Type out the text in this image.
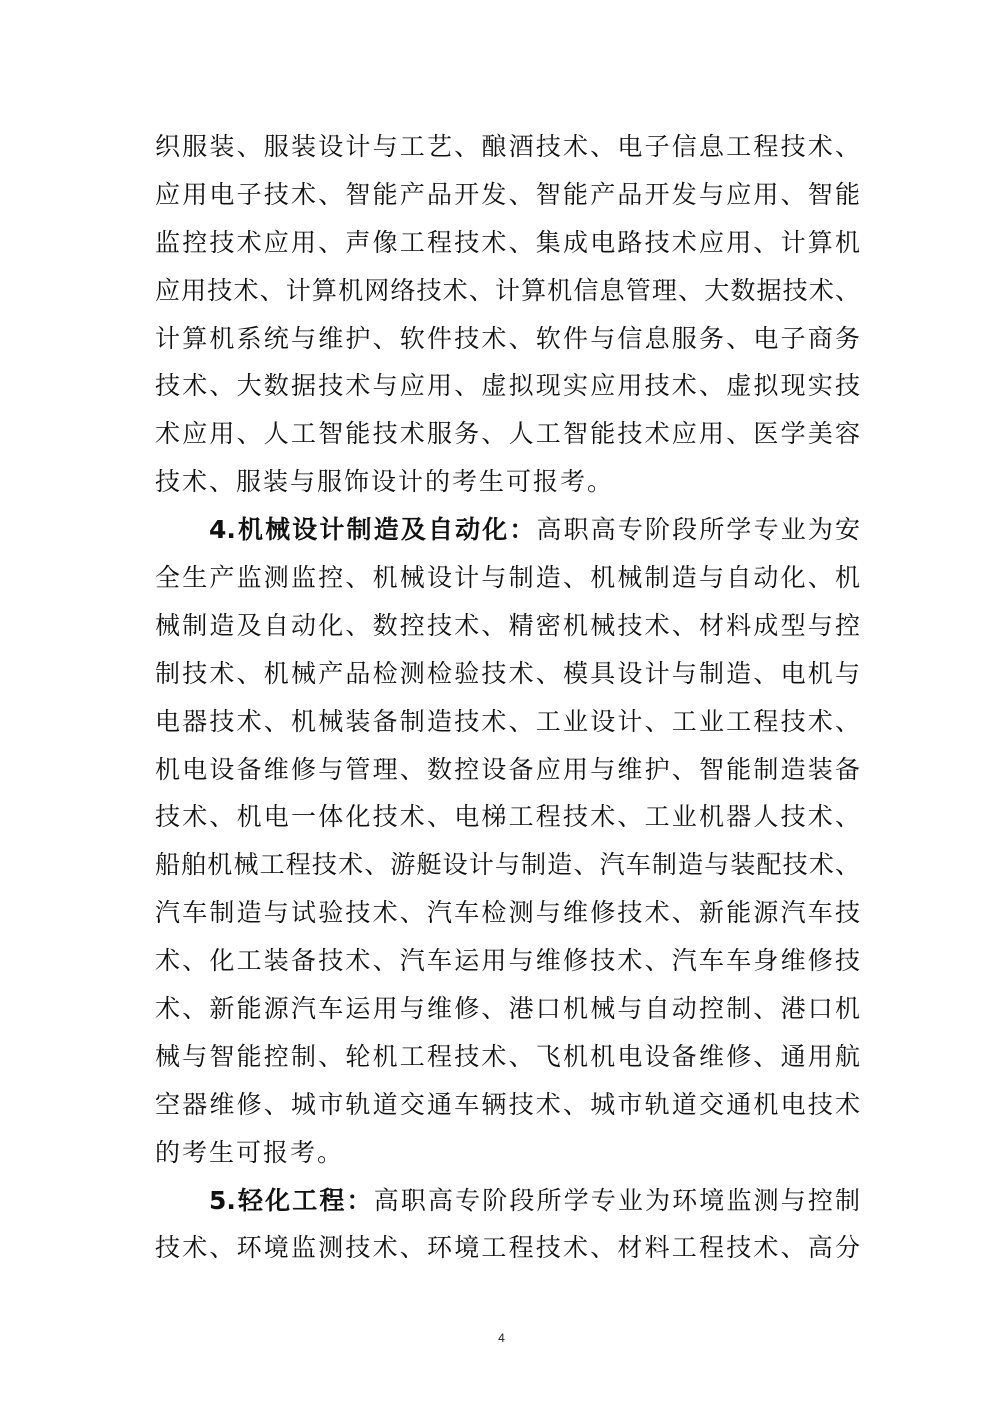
织服装、服装设计与工艺、酿酒技术、电子信息工程技术、
应用电子技术、智能产品开发、智能产品开发与应用、智能
监控技术应用、声像工程技术、集成电路技术应用、计算机
应用技术、计算机网络技术、计算机信息管理、大数据技术、
计算机系统与维护、软件技术、软件与信息服务、电子商务
技术、大数据技术与应用、虚拟现实应用技术、虚拟现实技
术应用、人工智能技术服务、人工智能技术应用、医学美容
技术、服装与服饰设计的考生可报考。
4.机械设计制造及自动化：高职高专阶段所学专业为安
全生产监测监控、机械设计与制造、机械制造与自动化、机
械制造及自动化、数控技术、精密机械技术、材料成型与控
制技术、机械产品检测检验技术、模具设计与制造、电机与
电器技术、机械装备制造技术、工业设计、工业工程技术、
机电设备维修与管理、数控设备应用与维护、智能制造装备
技术、机电一体化技术、电梯工程技术、工业机器人技术、
船舶机械工程技术、游艇设计与制造、汽车制造与装配技术、
汽车制造与试验技术、汽车检测与维修技术、新能源汽车技
术、化工装备技术、汽车运用与维修技术、汽车车身维修技
术、新能源汽车运用与维修、港口机械与自动控制、港口机
械与智能控制、轮机工程技术、飞机机电设备维修、通用航
空器维修、城市轨道交通车辆技术、城市轨道交通机电技术
的考生可报考。
5.轻化工程：高职高专阶段所学专业为环境监测与控制
技术、环境监测技术、环境工程技术、材料工程技术、高分
4
